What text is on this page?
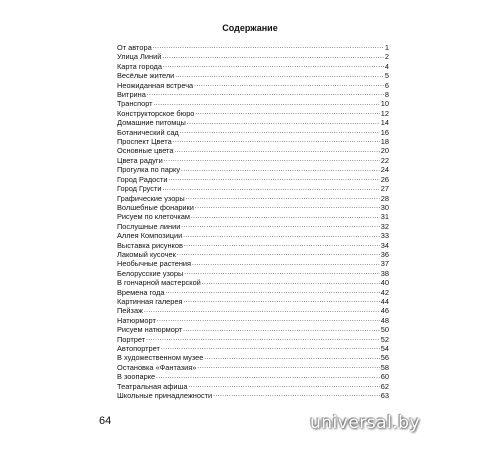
Содержание
От автора .....	1
Улица Линий .....	2
Карта города .....	4
Весёлые жители .....	5
Неожиданная встреча .....	6
Витрина .....	8
Транспорт .....	10
Конструкторское бюро .....	12
Домашние питомцы .....	14
Ботанический сад .....	16
Проспект Цвета .....	18
Основные цвета .....	20
Цвета радуги .....	22
Прогулка по парку .....	24
Город Радости .....	26
Город Грусти .....	27
Графические узоры .....	28
Волшебные фонарики .....	30
Рисуем по клеточкам .....	31
Послушные линии .....	32
Аллея Композиции .....	33
Выставка рисунков .....	34
Лакомый кусочек .....	36
Необычные растения .....	37
Белорусские узоры .....	38
В гончарной мастерской .....	40
Времена года .....	42
Картинная галерея .....	44
Пейзаж .....	46
Натюрморт .....	48
Рисуем натюрморт .....	50
Портрет .....	52
Автопортрет .....	54
В художественном музее .....	56
Остановка «Фантазия» .....	58
В зоопарке .....	60
Театральная афиша .....	62
Школьные принадлежности .....	63
64	universal.by
